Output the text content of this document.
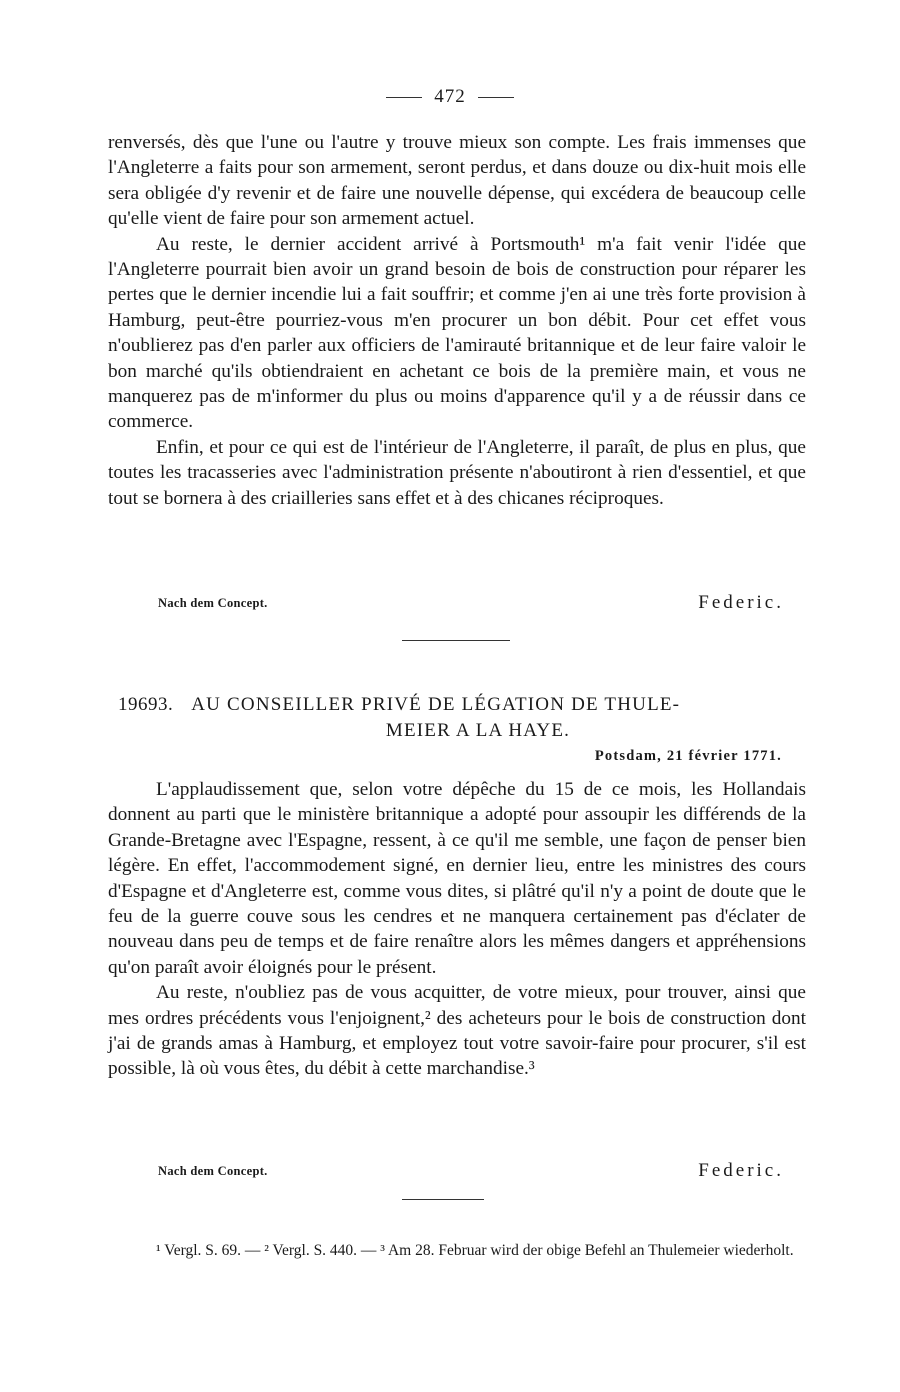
472

renversés, dès que l'une ou l'autre y trouve mieux son compte. Les frais immenses que l'Angleterre a faits pour son armement, seront perdus, et dans douze ou dix-huit mois elle sera obligée d'y revenir et de faire une nouvelle dépense, qui excédera de beaucoup celle qu'elle vient de faire pour son armement actuel.

Au reste, le dernier accident arrivé à Portsmouth¹ m'a fait venir l'idée que l'Angleterre pourrait bien avoir un grand besoin de bois de construction pour réparer les pertes que le dernier incendie lui a fait souffrir; et comme j'en ai une très forte provision à Hamburg, peut-être pourriez-vous m'en procurer un bon débit. Pour cet effet vous n'oublierez pas d'en parler aux officiers de l'amirauté britannique et de leur faire valoir le bon marché qu'ils obtiendraient en achetant ce bois de la première main, et vous ne manquerez pas de m'informer du plus ou moins d'apparence qu'il y a de réussir dans ce commerce.

Enfin, et pour ce qui est de l'intérieur de l'Angleterre, il paraît, de plus en plus, que toutes les tracasseries avec l'administration présente n'aboutiront à rien d'essentiel, et que tout se bornera à des criailleries sans effet et à des chicanes réciproques.

Nach dem Concept.	Federic.
19693. AU CONSEILLER PRIVÉ DE LÉGATION DE THULE-
MEIER A LA HAYE.
Potsdam, 21 février 1771.

L'applaudissement que, selon votre dépêche du 15 de ce mois, les Hollandais donnent au parti que le ministère britannique a adopté pour assoupir les différends de la Grande-Bretagne avec l'Espagne, ressent, à ce qu'il me semble, une façon de penser bien légère. En effet, l'accommodement signé, en dernier lieu, entre les ministres des cours d'Espagne et d'Angleterre est, comme vous dites, si plâtré qu'il n'y a point de doute que le feu de la guerre couve sous les cendres et ne manquera certainement pas d'éclater de nouveau dans peu de temps et de faire renaître alors les mêmes dangers et appréhensions qu'on paraît avoir éloignés pour le présent.

Au reste, n'oubliez pas de vous acquitter, de votre mieux, pour trouver, ainsi que mes ordres précédents vous l'enjoignent,² des acheteurs pour le bois de construction dont j'ai de grands amas à Hamburg, et employez tout votre savoir-faire pour procurer, s'il est possible, là où vous êtes, du débit à cette marchandise.³

Nach dem Concept.	Federic.
¹ Vergl. S. 69. — ² Vergl. S. 440. — ³ Am 28. Februar wird der obige Befehl an Thulemeier wiederholt.
